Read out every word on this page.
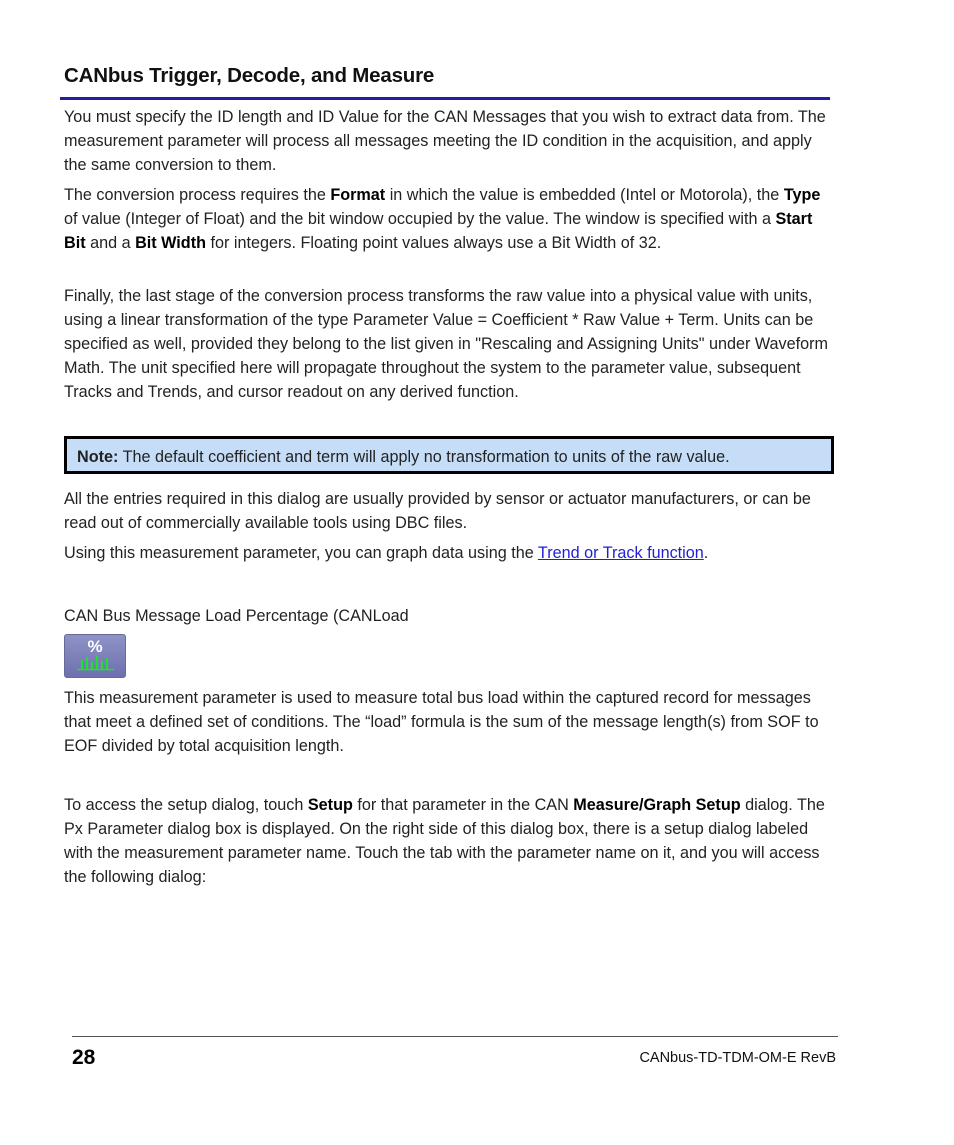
CANbus Trigger, Decode, and Measure
You must specify the ID length and ID Value for the CAN Messages that you wish to extract data from. The measurement parameter will process all messages meeting the ID condition in the acquisition, and apply the same conversion to them.
The conversion process requires the Format in which the value is embedded (Intel or Motorola), the Type of value (Integer of Float) and the bit window occupied by the value. The window is specified with a Start Bit and a Bit Width for integers. Floating point values always use a Bit Width of 32.
Finally, the last stage of the conversion process transforms the raw value into a physical value with units, using a linear transformation of the type Parameter Value = Coefficient * Raw Value + Term. Units can be specified as well, provided they belong to the list given in "Rescaling and Assigning Units" under Waveform Math. The unit specified here will propagate throughout the system to the parameter value, subsequent Tracks and Trends, and cursor readout on any derived function.
Note: The default coefficient and term will apply no transformation to units of the raw value.
All the entries required in this dialog are usually provided by sensor or actuator manufacturers, or can be read out of commercially available tools using DBC files.
Using this measurement parameter, you can graph data using the Trend or Track function.
CAN Bus Message Load Percentage (CANLoad
%
This measurement parameter is used to measure total bus load within the captured record for messages that meet a defined set of conditions. The “load” formula is the sum of the message length(s) from SOF to EOF divided by total acquisition length.
To access the setup dialog, touch Setup for that parameter in the CAN Measure/Graph Setup dialog. The Px Parameter dialog box is displayed. On the right side of this dialog box, there is a setup dialog labeled with the measurement parameter name. Touch the tab with the parameter name on it, and you will access the following dialog:
28	CANbus-TD-TDM-OM-E RevB
